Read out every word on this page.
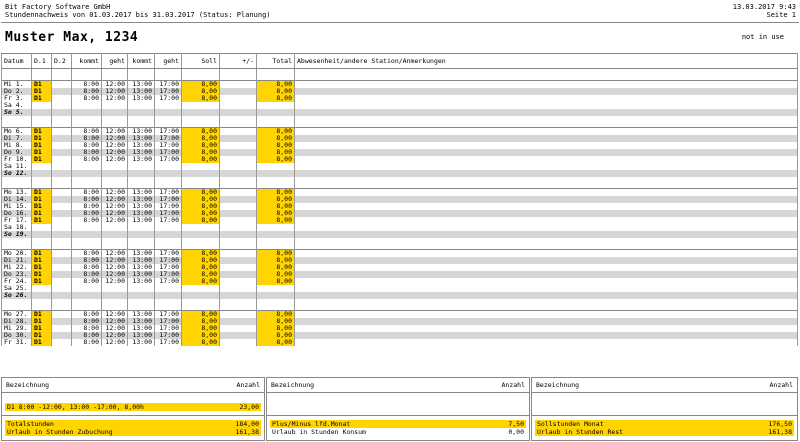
Bit Factory Software GmbH
Stundennachweis von 01.03.2017 bis 31.03.2017 (Status: Planung)
13.03.2017 9:43
Seite 1
Muster Max, 1234	not in use
Datum	D.1	D.2	kommt	geht	kommt	geht	Soll	+/-	Total	Abwesenheit/andere Station/Anmerkungen

Mi 1.	D1		8:00	12:00	13:00	17:00	8,00		8,00	
Do 2.	D1		8:00	12:00	13:00	17:00	8,00		8,00	
Fr 3.	D1		8:00	12:00	13:00	17:00	8,00		8,00	
Sa 4.										
So 5.										

Mo 6.	D1		8:00	12:00	13:00	17:00	8,00		8,00	
Di 7.	D1		8:00	12:00	13:00	17:00	8,00		8,00	
Mi 8.	D1		8:00	12:00	13:00	17:00	8,00		8,00	
Do 9.	D1		8:00	12:00	13:00	17:00	8,00		8,00	
Fr 10.	D1		8:00	12:00	13:00	17:00	8,00		8,00	
Sa 11.										
So 12.										

Mo 13.	D1		8:00	12:00	13:00	17:00	8,00		8,00	
Di 14.	D1		8:00	12:00	13:00	17:00	8,00		8,00	
Mi 15.	D1		8:00	12:00	13:00	17:00	8,00		8,00	
Do 16.	D1		8:00	12:00	13:00	17:00	8,00		8,00	
Fr 17.	D1		8:00	12:00	13:00	17:00	8,00		8,00	
Sa 18.										
So 19.										

Mo 20.	D1		8:00	12:00	13:00	17:00	8,00		8,00	
Di 21.	D1		8:00	12:00	13:00	17:00	8,00		8,00	
Mi 22.	D1		8:00	12:00	13:00	17:00	8,00		8,00	
Do 23.	D1		8:00	12:00	13:00	17:00	8,00		8,00	
Fr 24.	D1		8:00	12:00	13:00	17:00	8,00		8,00	
Sa 25.										
So 26.										

Mo 27.	D1		8:00	12:00	13:00	17:00	8,00		8,00	
Di 28.	D1		8:00	12:00	13:00	17:00	8,00		8,00	
Mi 29.	D1		8:00	12:00	13:00	17:00	8,00		8,00	
Do 30.	D1		8:00	12:00	13:00	17:00	8,00		8,00	
Fr 31.	D1		8:00	12:00	13:00	17:00	8,00		8,00	
Bezeichnung	Anzahl
D1 8:00 -12:00, 13:00 -17:00, 8,00h	23,00
Totalstunden	184,00
Urlaub in Stunden Zubuchung	161,38
Bezeichnung	Anzahl
Plus/Minus lfd.Monat	7,50
Urlaub in Stunden Konsum	0,00
Bezeichnung	Anzahl
Sollstunden Monat	176,50
Urlaub in Stunden Rest	161,38
